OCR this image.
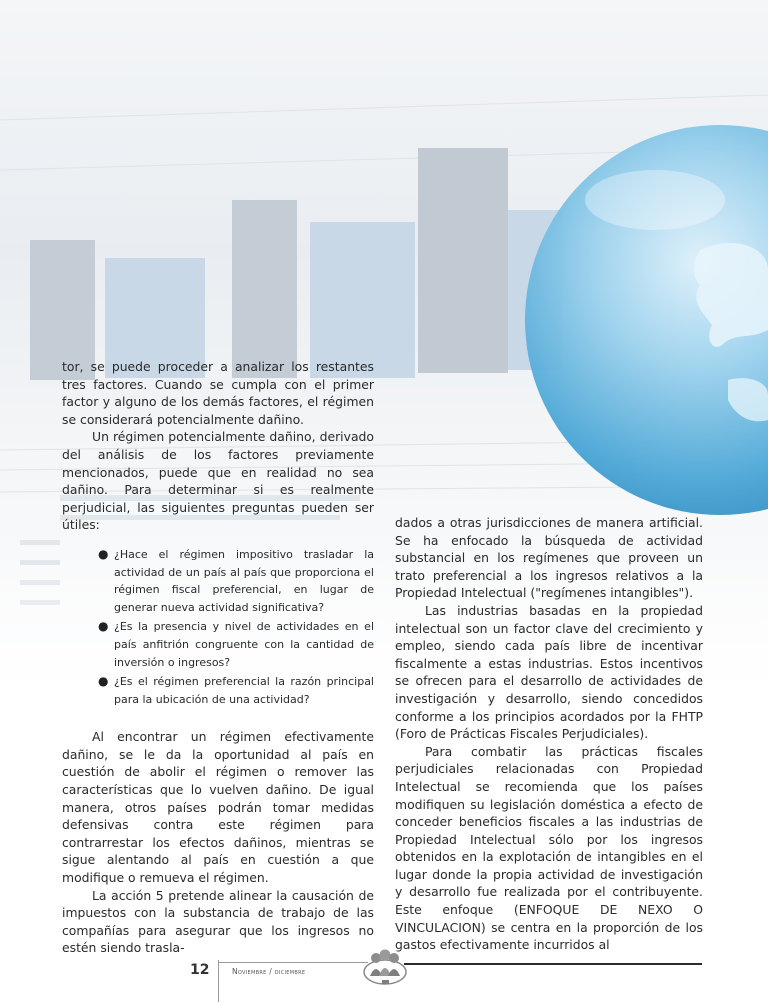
tor, se puede proceder a analizar los restantes tres factores. Cuando se cumpla con el primer factor y alguno de los demás factores, el régimen se considerará potencialmente dañino.

Un régimen potencialmente dañino, derivado del análisis de los factores previamente mencionados, puede que en realidad no sea dañino. Para determinar si es realmente perjudicial, las siguientes preguntas pueden ser útiles:

● ¿Hace el régimen impositivo trasladar la actividad de un país al país que proporciona el régimen fiscal preferencial, en lugar de generar nueva actividad significativa?
● ¿Es la presencia y nivel de actividades en el país anfitrión congruente con la cantidad de inversión o ingresos?
● ¿Es el régimen preferencial la razón principal para la ubicación de una actividad?

Al encontrar un régimen efectivamente dañino, se le da la oportunidad al país en cuestión de abolir el régimen o remover las características que lo vuelven dañino. De igual manera, otros países podrán tomar medidas defensivas contra este régimen para contrarrestar los efectos dañinos, mientras se sigue alentando al país en cuestión a que modifique o remueva el régimen.

La acción 5 pretende alinear la causación de impuestos con la substancia de trabajo de las compañías para asegurar que los ingresos no estén siendo trasla-

dados a otras jurisdicciones de manera artificial. Se ha enfocado la búsqueda de actividad substancial en los regímenes que proveen un trato preferencial a los ingresos relativos a la Propiedad Intelectual ("regímenes intangibles").

Las industrias basadas en la propiedad intelectual son un factor clave del crecimiento y empleo, siendo cada país libre de incentivar fiscalmente a estas industrias. Estos incentivos se ofrecen para el desarrollo de actividades de investigación y desarrollo, siendo concedidos conforme a los principios acordados por la FHTP (Foro de Prácticas Fiscales Perjudiciales).

Para combatir las prácticas fiscales perjudiciales relacionadas con Propiedad Intelectual se recomienda que los países modifiquen su legislación doméstica a efecto de conceder beneficios fiscales a las industrias de Propiedad Intelectual sólo por los ingresos obtenidos en la explotación de intangibles en el lugar donde la propia actividad de investigación y desarrollo fue realizada por el contribuyente. Este enfoque (ENFOQUE DE NEXO O VINCULACION) se centra en la proporción de los gastos efectivamente incurridos al

12	Noviembre / diciembre
